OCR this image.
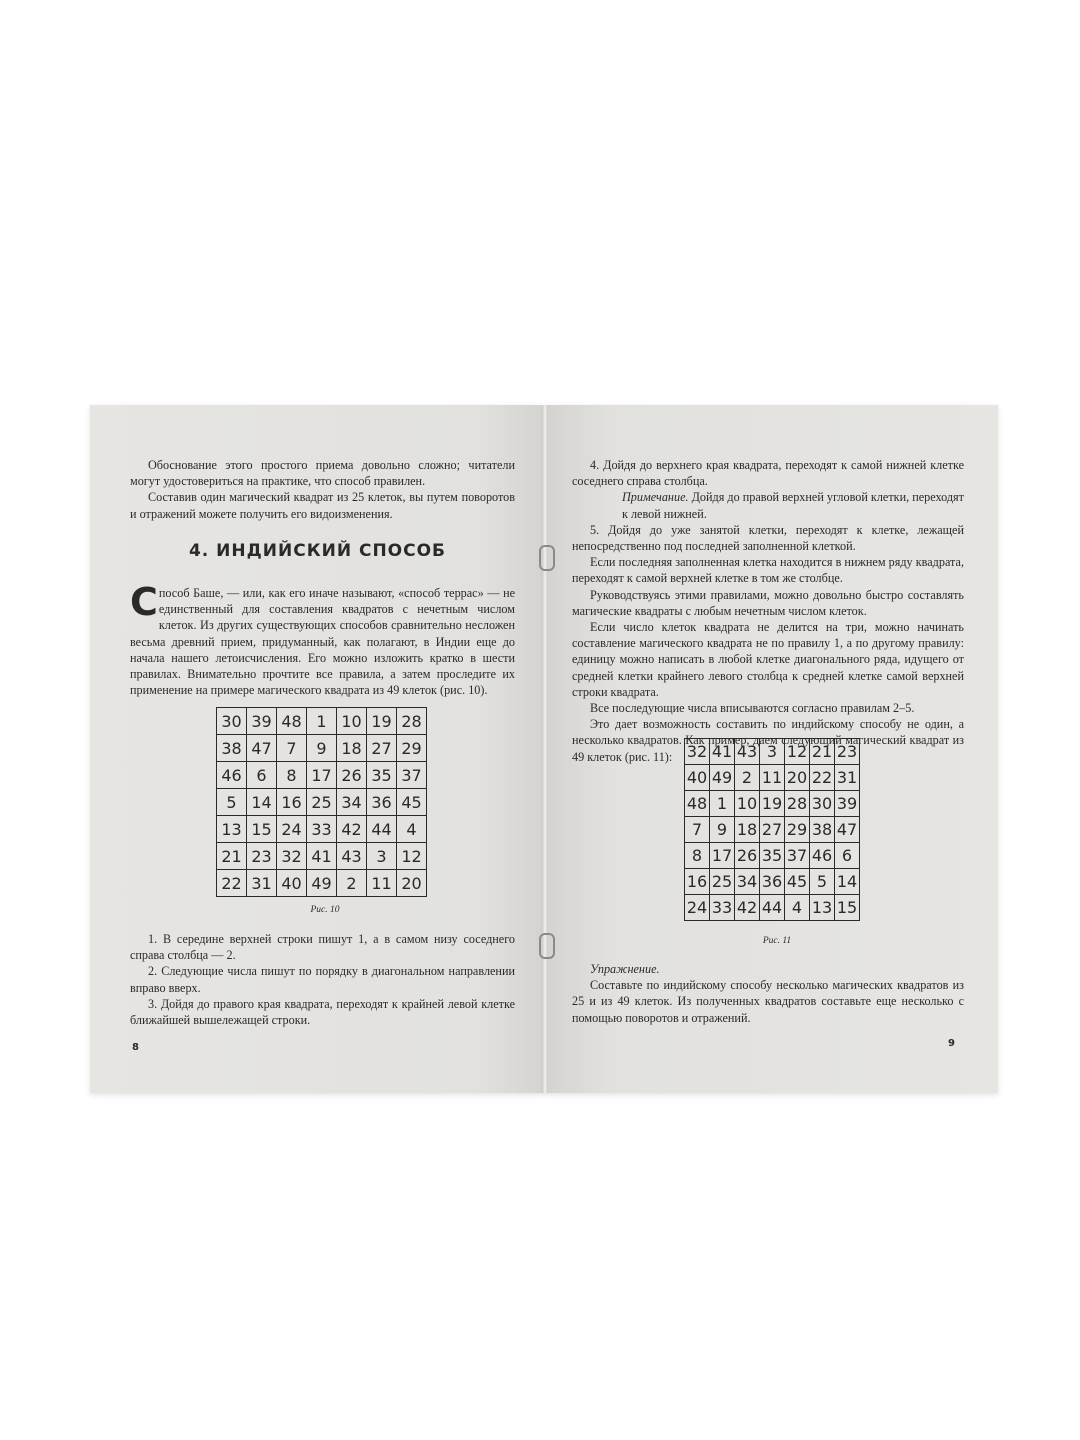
Обоснование этого простого приема довольно сложно; читатели могут удостовериться на практике, что способ правилен.

Составив один магический квадрат из 25 клеток, вы путем поворотов и отражений можете получить его видоизменения.

4. ИНДИЙСКИЙ СПОСОБ

Способ Баше, — или, как его иначе называют, «способ террас» — не единственный для составления квадратов с нечетным числом клеток. Из других существующих способов сравнительно несложен весьма древний прием, придуманный, как полагают, в Индии еще до начала нашего летоисчисления. Его можно изложить кратко в шести правилах. Внимательно прочтите все правила, а затем проследите их применение на примере магического квадрата из 49 клеток (рис. 10).

30	39	48	1	10	19	28
38	47	7	9	18	27	29
46	6	8	17	26	35	37
5	14	16	25	34	36	45
13	15	24	33	42	44	4
21	23	32	41	43	3	12
22	31	40	49	2	11	20
Рис. 10

1. В середине верхней строки пишут 1, а в самом низу соседнего справа столбца — 2.

2. Следующие числа пишут по порядку в диагональном направлении вправо вверх.

3. Дойдя до правого края квадрата, переходят к крайней левой клетке ближайшей вышележащей строки.

8

4. Дойдя до верхнего края квадрата, переходят к самой нижней клетке соседнего справа столбца.

Примечание. Дойдя до правой верхней угловой клетки, переходят к левой нижней.

5. Дойдя до уже занятой клетки, переходят к клетке, лежащей непосредственно под последней заполненной клеткой.

Если последняя заполненная клетка находится в нижнем ряду квадрата, переходят к самой верхней клетке в том же столбце.

Руководствуясь этими правилами, можно довольно быстро составлять магические квадраты с любым нечетным числом клеток.

Если число клеток квадрата не делится на три, можно начинать составление магического квадрата не по правилу 1, а по другому правилу: единицу можно написать в любой клетке диагонального ряда, идущего от средней клетки крайнего левого столбца к средней клетке самой верхней строки квадрата.

Все последующие числа вписываются согласно правилам 2–5.

Это дает возможность составить по индийскому способу не один, а несколько квадратов. Как пример, даем следующий магический квадрат из 49 клеток (рис. 11): 32	41	43	3	12	21	23
40	49	2	11	20	22	31
48	1	10	19	28	30	39
7	9	18	27	29	38	47
8	17	26	35	37	46	6
16	25	34	36	45	5	14
24	33	42	44	4	13	15
Рис. 11

Упражнение.

Составьте по индийскому способу несколько магических квадратов из 25 и из 49 клеток. Из полученных квадратов составьте еще несколько с помощью поворотов и отражений.

9
